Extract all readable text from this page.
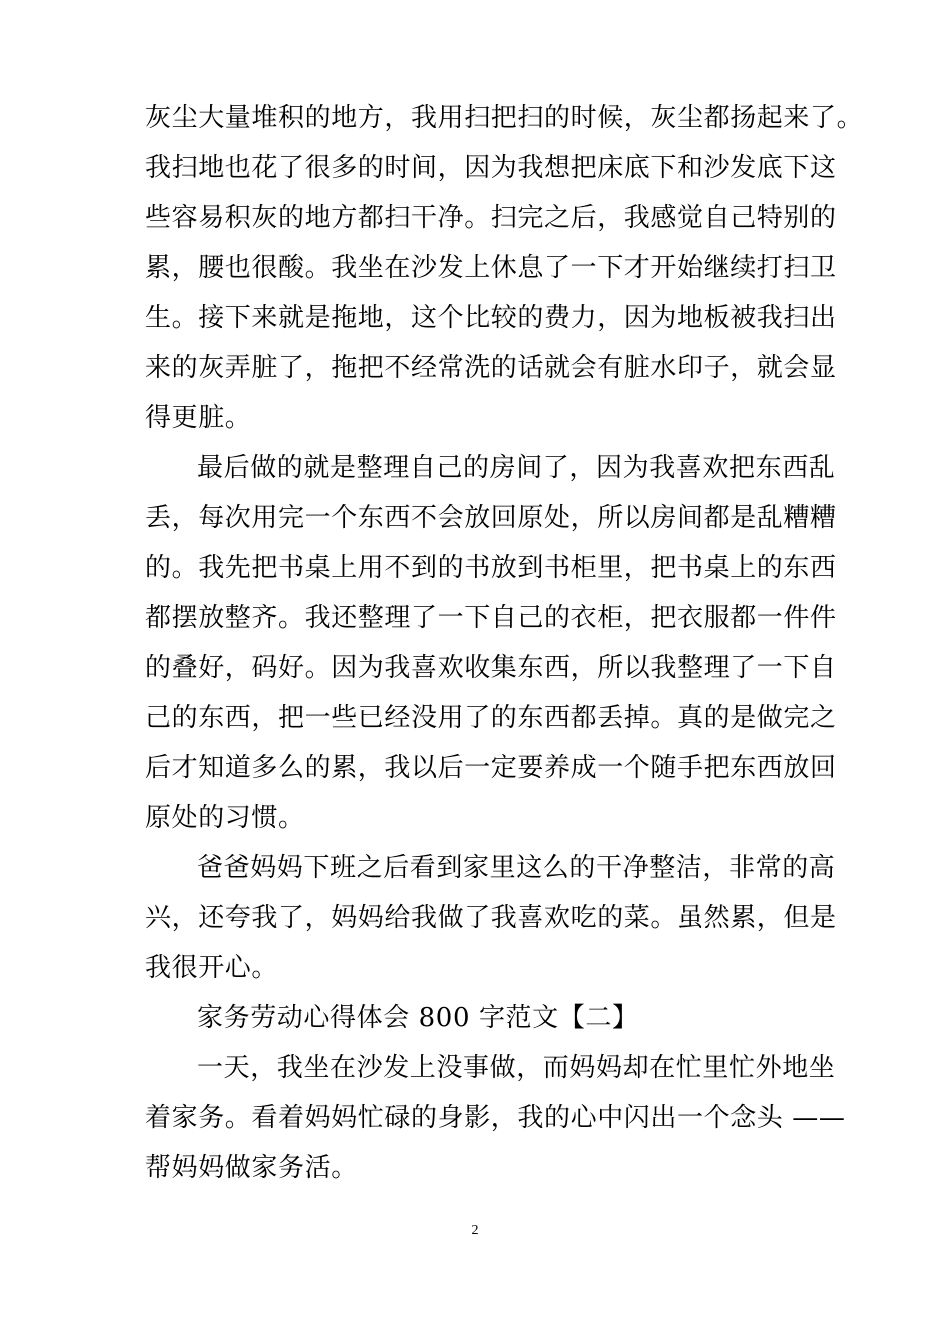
灰尘大量堆积的地方，我用扫把扫的时候，灰尘都扬起来了。
我扫地也花了很多的时间，因为我想把床底下和沙发底下这
些容易积灰的地方都扫干净。扫完之后，我感觉自己特别的
累，腰也很酸。我坐在沙发上休息了一下才开始继续打扫卫
生。接下来就是拖地，这个比较的费力，因为地板被我扫出
来的灰弄脏了，拖把不经常洗的话就会有脏水印子，就会显
得更脏。
最后做的就是整理自己的房间了，因为我喜欢把东西乱
丢，每次用完一个东西不会放回原处，所以房间都是乱糟糟
的。我先把书桌上用不到的书放到书柜里，把书桌上的东西
都摆放整齐。我还整理了一下自己的衣柜，把衣服都一件件
的叠好，码好。因为我喜欢收集东西，所以我整理了一下自
己的东西，把一些已经没用了的东西都丢掉。真的是做完之
后才知道多么的累，我以后一定要养成一个随手把东西放回
原处的习惯。
爸爸妈妈下班之后看到家里这么的干净整洁，非常的高
兴，还夸我了，妈妈给我做了我喜欢吃的菜。虽然累，但是
我很开心。
家务劳动心得体会 800 字范文【二】
一天，我坐在沙发上没事做，而妈妈却在忙里忙外地坐
着家务。看着妈妈忙碌的身影，我的心中闪出一个念头 ——
帮妈妈做家务活。
2
